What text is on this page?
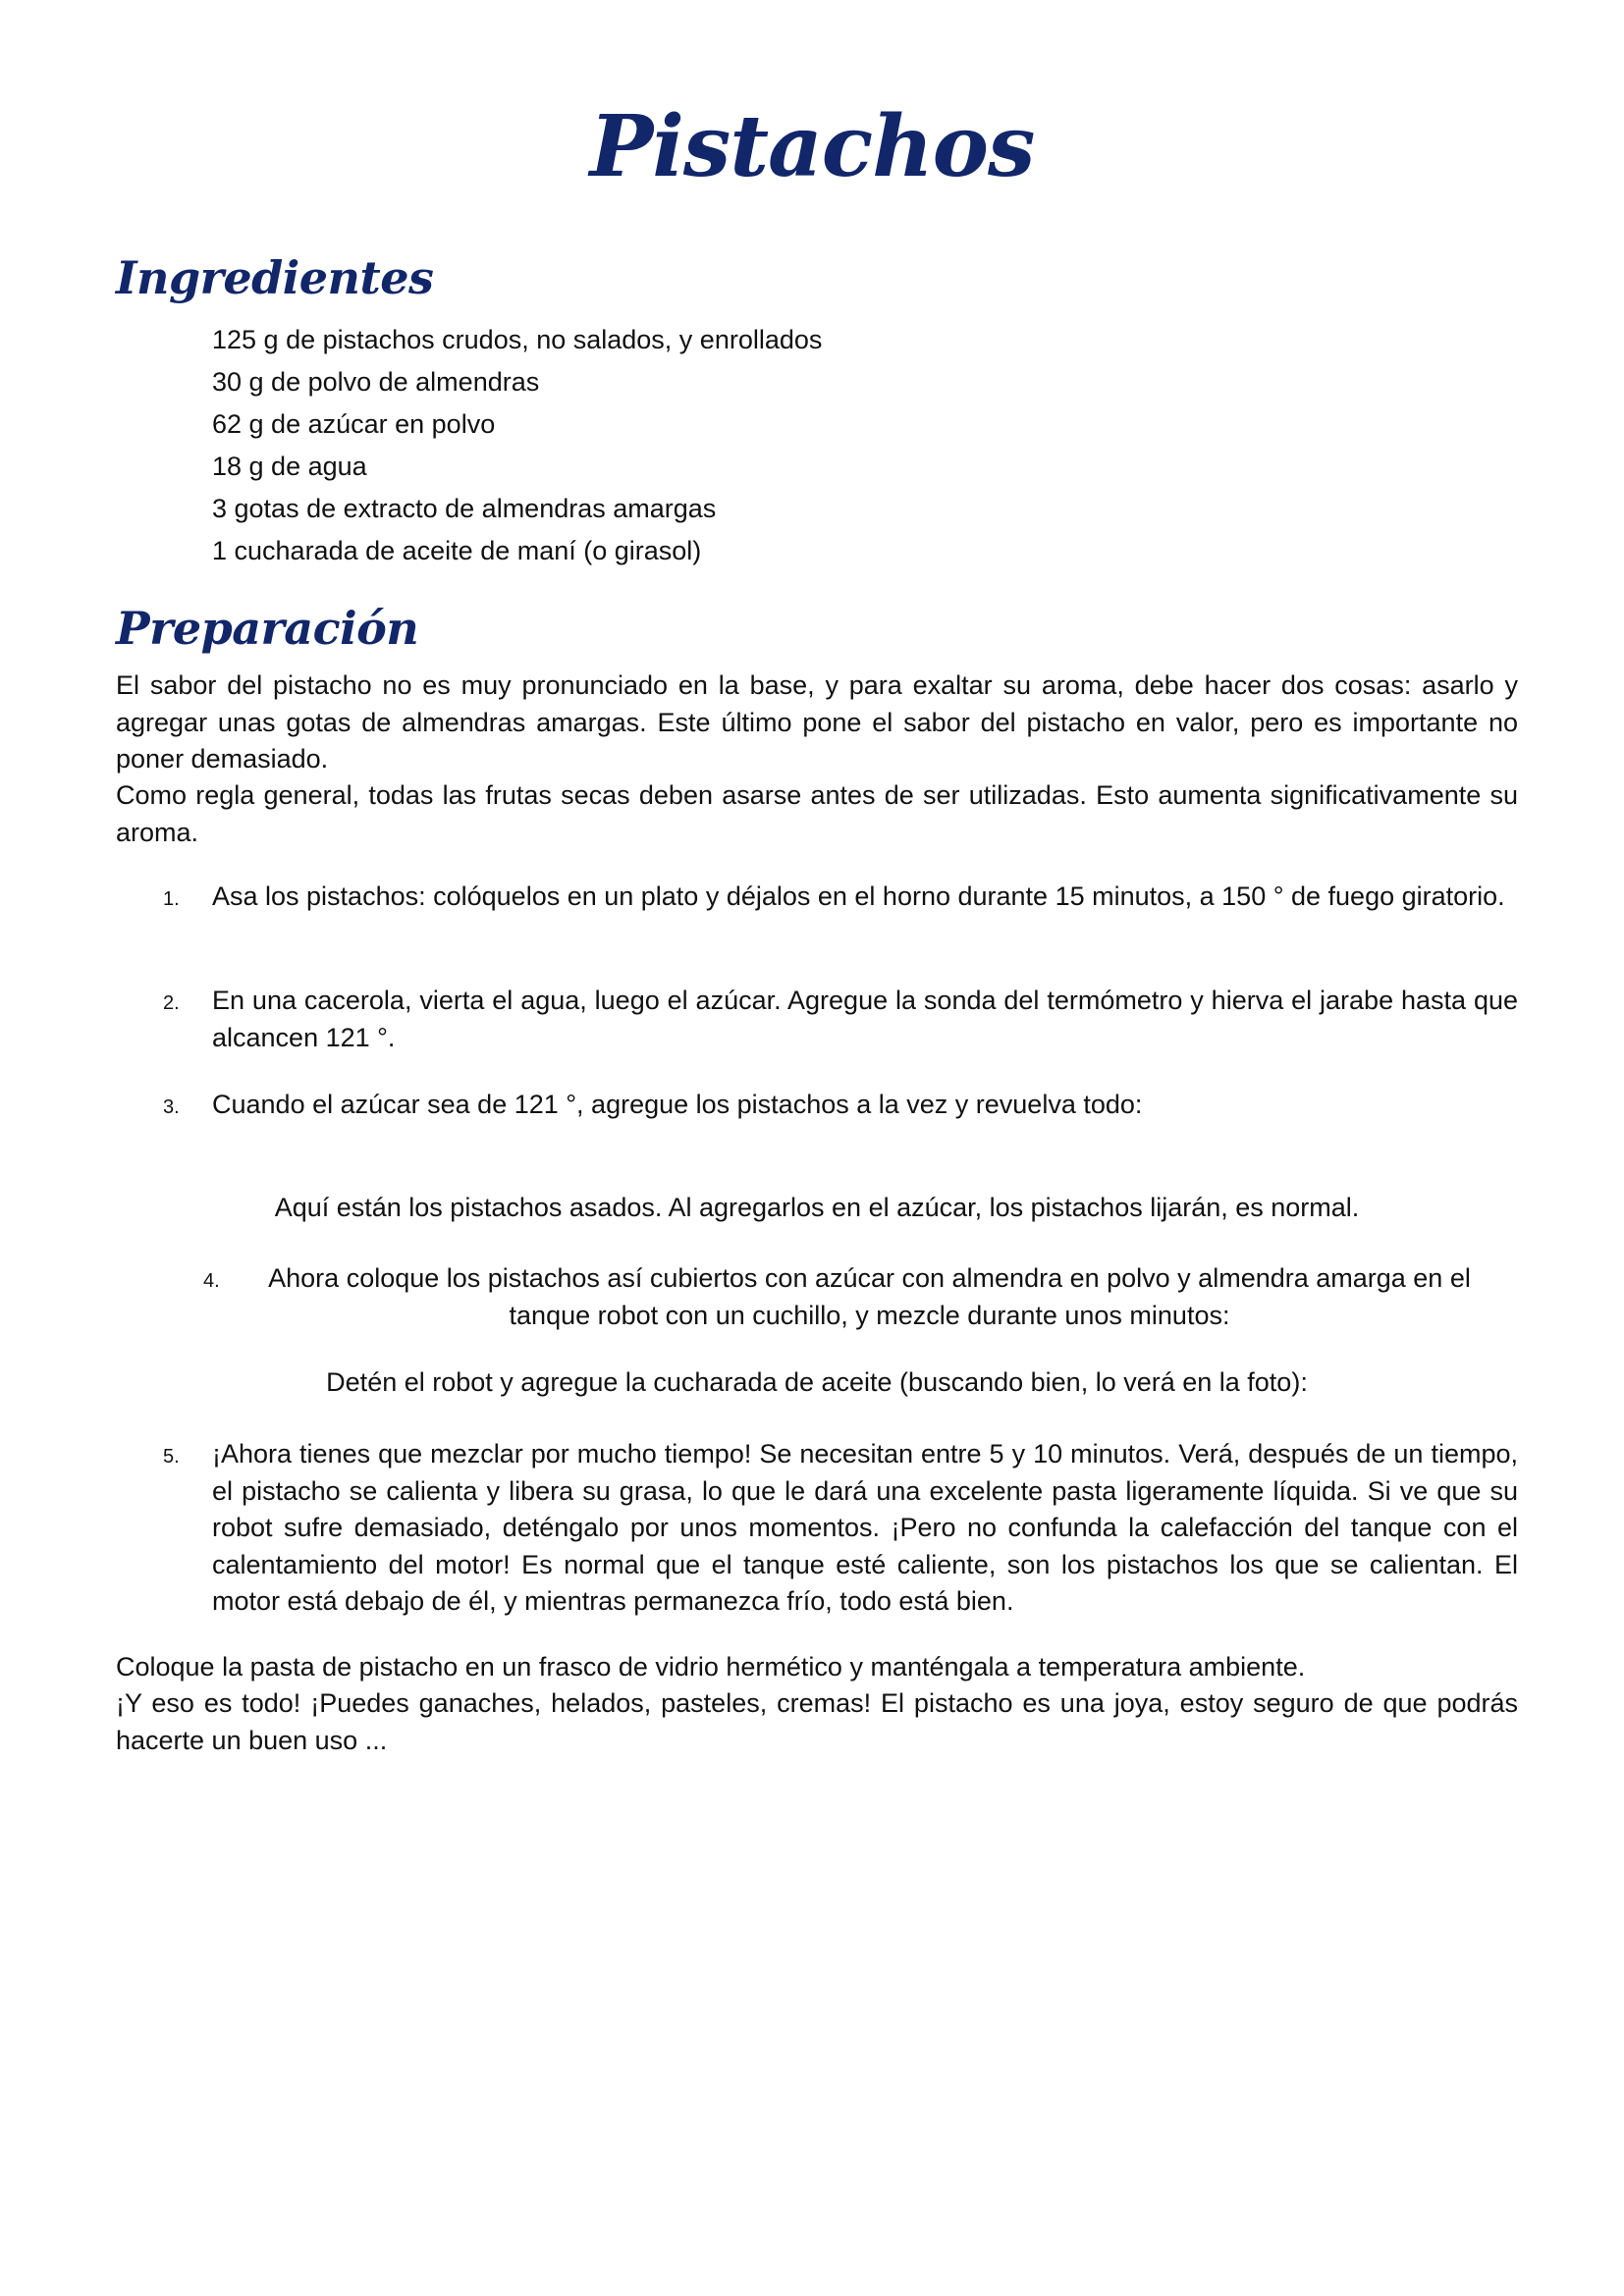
Pistachos
Ingredientes
125 g de pistachos crudos, no salados, y enrollados
30 g de polvo de almendras
62 g de azúcar en polvo
18 g de agua
3 gotas de extracto de almendras amargas
1 cucharada de aceite de maní (o girasol)
Preparación

El sabor del pistacho no es muy pronunciado en la base, y para exaltar su aroma, debe hacer dos cosas: asarlo y agregar unas gotas de almendras amargas. Este último pone el sabor del pistacho en valor, pero es importante no poner demasiado.

Como regla general, todas las frutas secas deben asarse antes de ser utilizadas. Esto aumenta significativamente su aroma.

1. Asa los pistachos: colóquelos en un plato y déjalos en el horno durante 15 minutos, a 150 ° de fuego giratorio.
2. En una cacerola, vierta el agua, luego el azúcar. Agregue la sonda del termómetro y hierva el jarabe hasta que alcancen 121 °.
3. Cuando el azúcar sea de 121 °, agregue los pistachos a la vez y revuelva todo:
Aquí están los pistachos asados. Al agregarlos en el azúcar, los pistachos lijarán, es normal.
4.	Ahora coloque los pistachos así cubiertos con azúcar con almendra en polvo y almendra amarga en el tanque robot con un cuchillo, y mezcle durante unos minutos:
Detén el robot y agregue la cucharada de aceite (buscando bien, lo verá en la foto):
5. ¡Ahora tienes que mezclar por mucho tiempo! Se necesitan entre 5 y 10 minutos. Verá, después de un tiempo, el pistacho se calienta y libera su grasa, lo que le dará una excelente pasta ligeramente líquida. Si ve que su robot sufre demasiado, deténgalo por unos momentos. ¡Pero no confunda la calefacción del tanque con el calentamiento del motor! Es normal que el tanque esté caliente, son los pistachos los que se calientan. El motor está debajo de él, y mientras permanezca frío, todo está bien.

Coloque la pasta de pistacho en un frasco de vidrio hermético y manténgala a temperatura ambiente.

¡Y eso es todo! ¡Puedes ganaches, helados, pasteles, cremas! El pistacho es una joya, estoy seguro de que podrás hacerte un buen uso ...
